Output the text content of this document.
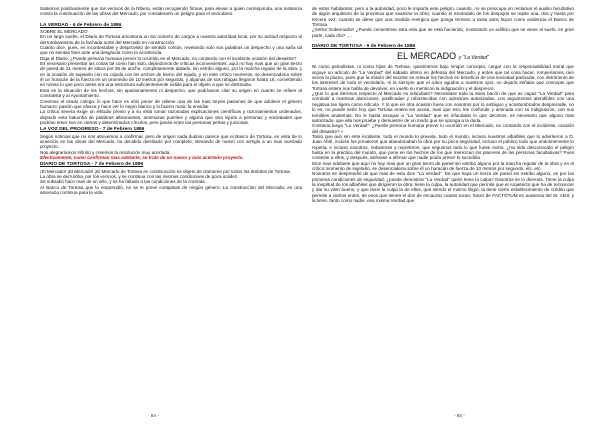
Sabemos positivamente que los vecinos de la Ribera, están recogiendo firmas, para elevar a quien corresponda, una instancia contra la continuación de las obras del Mercado, por considerarlo un peligro para el vecindario.

LA VERDAD - 6 de Febrero de 1886

SOBRE EL MERCADO

En un largo suelto, el Diario de Tortosa amontona un sin número de cargos a nuestra autoridad local, por su actitud respecto al derrumbamiento de la fachada norte del Mercado en construcción.

Cuanto dice, pues, es incontestable y desprovisto de sentido común, revelando solo sus palabras un despecho y una saña tal que no sientan bien ante una desgracia como la acontecida.

Diga el Diario: ¿Puede persona humana prever lo ocurrido en el Mercado, no contando con el incidente ocasión del desastre?

Es necesario presentar las cosas tal como han sido, dejándonos de críticas inconvenientes, aquí no hay mas que un gran tierzo de pared de 21 metros de altura por 36 de ancho, completamente aislado, sin estribo alguno, por la marcha regular de la obra, y en la ocasión de sujetarlo con su cúpula con los archos de hierro del tejado, y en este crítico momento, se desencadena sobre él un huracán de la fuerza en un promedio de 10 metros por segundo, y algunas de sus ráfagas llegaron hasta 16, convirtiendo en ruinas lo que poco antes era una estructura suficientemente sólida para el objeto a que se destinaba.

Esta es la situación de los hechos, sin apasionamiento ni despecho, que podríamos citar su origen en cuanto se refiere al contratista y al Ayuntamiento.

Creemos el citado colega: lo que hace es sólo poner de relieve una de las mas torpes pasiones de que adolece el género humano; pasión que ofusca y hace ver lo negro blanco y lo bueno malo; la envidia!

La crítica severa exige un estudio previo y a su vista tomar razonadas explicaciones científicas y razonamientos ordenados, dejando esta balumba de palabras altisonantes, amenazas pueriles y alguna que otra injuria a personas y sociedades que podrían tener son en ciertos y determinados círculos, pero jamás entre las personas pertas y juiciosas.

LA VOZ DEL PROGRESO - 7 de Febrero 1886

Según noticias que no nos atrevemos a confirmar, pero de origen nada dudoso parece que el Banco de Tortosa, en vista de lo acaecido en las obras del Mercado, ha decidido derribarlo por completo, elevando de nuevo con arreglo a un mas acertado proyecto.

Nos alegraríamos infinito y creemos la resolución muy acertada.

Efectivamente, como confirman mas adelante, se trata de un nuevo y más acertado proyecto.

DIARIO DE TORTOSA - 7 de Febrero de 1886

¡El Mercado! ¡El Mercado! ¡El Mercado de Tortosa en construcción es objeto de clamoreo por todos los ámbitos de Tortosa.

La obra se derrumba, por los vecinos, y se continua con las mismas condiciones de poca solidez.

Se subsidió hace mas de un año, y se ha faltado a las condiciones de la contrata.

Al Banco de Tortosa que la emprendió, no se le ponei cortapisas de ningún género. La construcción del Mercado, es una amenaza continua para la vida

de estos habitantes; pero a la autoridad, poco le importa este peligro, cuando, no se preocupa en reclamar el auxilio facultativo de algún arquitecto de la provincia que examine la obra; cuando el escándalo de los despojos se repite una, dos y hasta por tercera vez; cuando se diese que una medida enérgica que ponga término a tanta sans façon como evidencia el Banco de Tortosa.

¿Señor Gobernador! ¿Puede consentirse esta vela que se está haciendo, mostrando un edificio que se viene al suelo, en gran parte, cada día? ....

DIARIO DE TORTOSA - 9 de Febrero de 1886
EL MERCADO y "La Verdad"

Ni como periodistas, ni como hijos de Tortosa, quisiéramos bajo ningún concepto, cargar con la responsabilidad moral que arguye un artículo de "La Verdad" del sábado último en defensa del Mercado, y antes que tal cosa hacer, romperíamos cien veces la pluma, pues que la misión del escritor es relevar los hechos en beneficio de una sociedad particular, con detrimento de los intereses de todo el vecindario, ni la siempre que el rubor agudos a nuestros ojos, no dejaría señalar que concepto que Tortosa entera nos habla de devolver, en vuelto su menticon la indignación y el desprecio.

¿Que lo que decimos respecto al Mercado es infundado? Necesitase toda la Sans bacón de que es capaz "La Verdad" para combatir a nuestras aserciones, justificadas y robustecidas con opiniones autorizadas, con argumentos atendibles con una negativa tan ligera como ridícula. Y lo que en otra ocasión fuera con nosotros por lo ambiguo y acostumbrados desprecialle, no lo es, no puede serlo hoy que Tortosa entera les acusa, mas que eso; les confunde y aminada con su indignación, con sus temibles anatemas. No le basta escapar a "La Verdad" que es infundado lo que decimos; es necesario que alguno mas autorizado, que ella nos pruebe y demuestre de un modo que se oponga a la duda.

Continúa luego "La Verdad": ¿Puede persona humana prever lo ocurrido en el Mercado, no contando con el incidente, ocasión del desastre? »

Tanto que aun sin este incidente, todo el mundo lo prevela, todo el mundo, incluso nuestros albañiles que lo advirtieron a D. Juan Abril, incluso los jornaleros que abandonaban la obra por su poca seguridad, incluso el público todo que unánimemente lo repetía, e incluso nosotros, redactores y reporteros, que seguimos todo lo que fuese cierto. ¿Ha sido desconocido el peligro hasta en la práctica del mundo, que pone en los hechos de los que merezcan los placeres de las personas facultativas? Pues conteste a ellos, y después, atrévase a afirmar que nadie podía prever lo sucedido.

Dice mas adelante que aquí no hay mas que un gran tierzo de pared sin estribo alguno por la marcha regular de la obra y en el crítico momento de sujetarlo, se desencadena sobre él un huracán de fuerza de 10 metros por segundo, etc. etc.

Nosotros se desprendió de que mas de esto dice "La Verdad". De que haya un tierzo de pared sin estribo alguno, es por las primeras condiciones de seguridad, ¿puede demostrar "La Verdad" quién tiene la culpa? Nosotros se lo diremos. Tiene la culpa la ineptitud de los albañiles que dirigieron la obra; tiene la culpa, la autoridad que permite que el Arquitecto que ha de reconocer y dar su visto bueno, y que tiene la culpa la de ellos, que siendo el mismo litigio, la tiene cierto establecimiento de crédito que permite a ciertos entes, de esos que tienen el don de encauzar cuanto tocan, hacer de FACTÓTUM en ausencia del Sr. Abril, y la tiene, tanto como nadie, esa misma Verdad que

- 84 -	- 85 -
